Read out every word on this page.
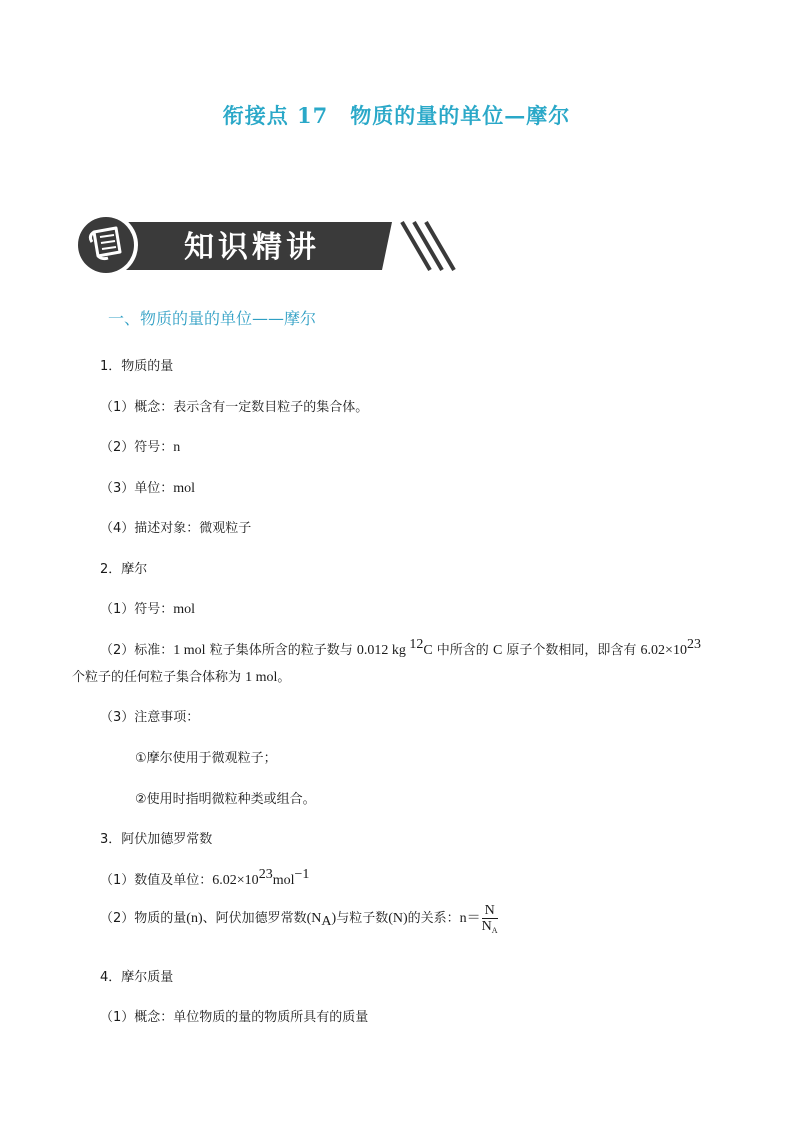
衔接点 17　物质的量的单位—摩尔
知识精讲
一、物质的量的单位——摩尔
1．物质的量
（1）概念：表示含有一定数目粒子的集合体。
（2）符号：n
（3）单位：mol
（4）描述对象：微观粒子
2．摩尔
（1）符号：mol
（2）标准：1 mol 粒子集体所含的粒子数与 0.012 kg $^{12}$C 中所含的 C 原子个数相同，即含有 $6.02\times 10^{23}$
个粒子的任何粒子集合体称为 1 mol。
（3）注意事项：
①摩尔使用于微观粒子；
②使用时指明微粒种类或组合。
3．阿伏加德罗常数
（1）数值及单位：$6.02\times 10^{23}mol^{-1}$
（2）物质的量(n)、阿伏加德罗常数$(N_A)$与粒子数(N)的关系：$n= \frac{N}{N_A}$
4．摩尔质量
（1）概念：单位物质的量的物质所具有的质量
